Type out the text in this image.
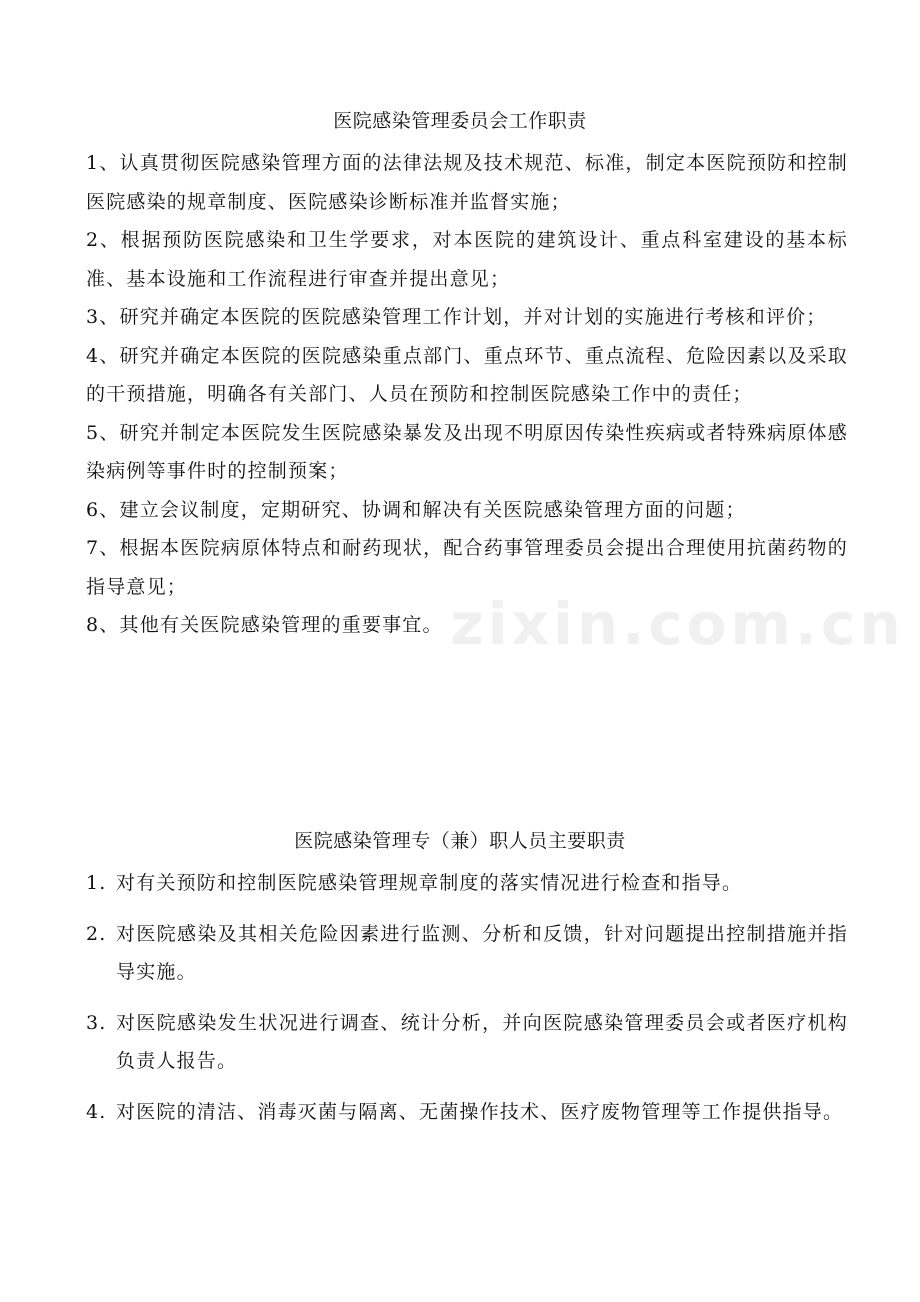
医院感染管理委员会工作职责

1、认真贯彻医院感染管理方面的法律法规及技术规范、标准，制定本医院预防和控制医院感染的规章制度、医院感染诊断标准并监督实施；

2、根据预防医院感染和卫生学要求，对本医院的建筑设计、重点科室建设的基本标准、基本设施和工作流程进行审查并提出意见；

3、研究并确定本医院的医院感染管理工作计划，并对计划的实施进行考核和评价；

4、研究并确定本医院的医院感染重点部门、重点环节、重点流程、危险因素以及采取的干预措施，明确各有关部门、人员在预防和控制医院感染工作中的责任；

5、研究并制定本医院发生医院感染暴发及出现不明原因传染性疾病或者特殊病原体感染病例等事件时的控制预案；

6、建立会议制度，定期研究、协调和解决有关医院感染管理方面的问题；

7、根据本医院病原体特点和耐药现状，配合药事管理委员会提出合理使用抗菌药物的指导意见；

8、其他有关医院感染管理的重要事宜。 zixin.com.cn
医院感染管理专（兼）职人员主要职责
1. 对有关预防和控制医院感染管理规章制度的落实情况进行检查和指导。
2. 对医院感染及其相关危险因素进行监测、分析和反馈，针对问题提出控制措施并指导实施。
3. 对医院感染发生状况进行调查、统计分析，并向医院感染管理委员会或者医疗机构负责人报告。
4. 对医院的清洁、消毒灭菌与隔离、无菌操作技术、医疗废物管理等工作提供指导。
